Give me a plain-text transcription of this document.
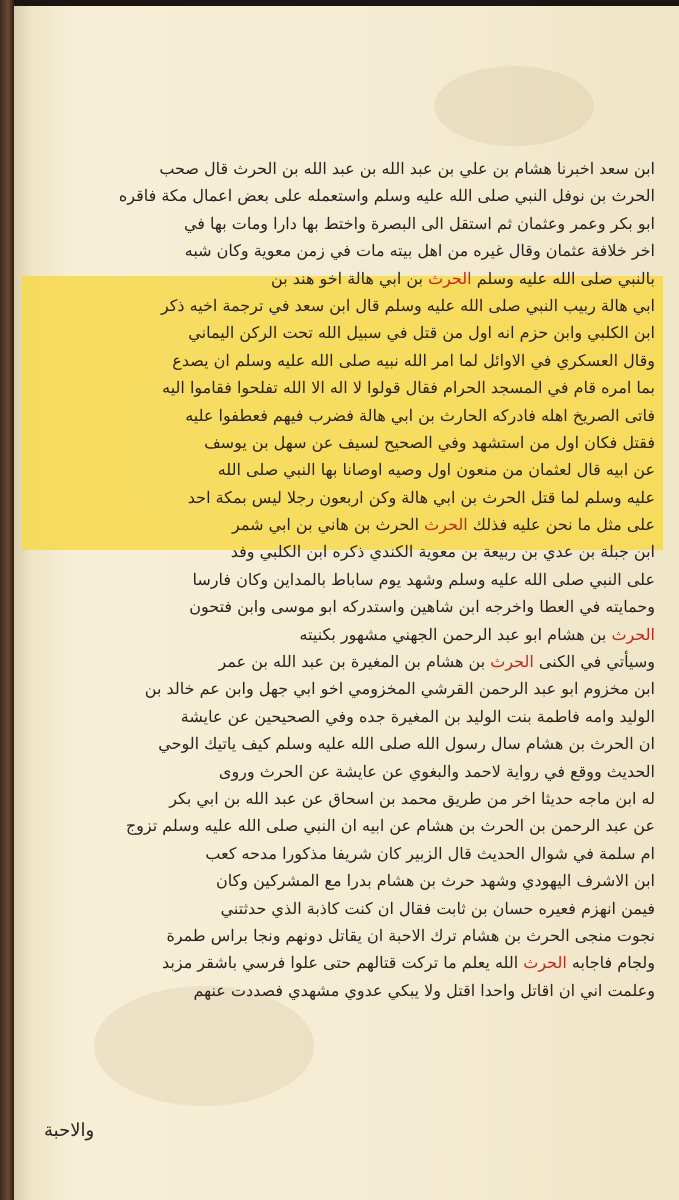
ابن سعد اخبرنا هشام بن علي بن عبد الله بن عبد الله بن الحرث قال صحب
الحرث بن نوفل النبي صلى الله عليه وسلم واستعمله على بعض اعمال مكة فاقره
ابو بكر وعمر وعثمان ثم استقل الى البصرة واختط بها دارا ومات بها في
اخر خلافة عثمان وقال غيره من اهل بيته مات في زمن معوية وكان شبه
بالنبي صلى الله عليه وسلم الحرث بن ابي هالة اخو هند بن
ابي هالة ربيب النبي صلى الله عليه وسلم قال ابن سعد في ترجمة اخيه ذكر
ابن الكلبي وابن حزم انه اول من قتل في سبيل الله تحت الركن اليماني
وقال العسكري في الاوائل لما امر الله نبيه صلى الله عليه وسلم ان يصدع
بما امره قام في المسجد الحرام فقال قولوا لا اله الا الله تفلحوا فقاموا اليه
فاتى الصريخ اهله فادركه الحارث بن ابي هالة فضرب فيهم فعطفوا عليه
فقتل فكان اول من استشهد وفي الصحيح لسيف عن سهل بن يوسف
عن ابيه قال لعثمان من منعون اول وصيه اوصانا بها النبي صلى الله
عليه وسلم لما قتل الحرث بن ابي هالة وكن اربعون رجلا ليس بمكة احد
على مثل ما نحن عليه فذلك الحرث الحرث بن هاني بن ابي شمر
ابن جبلة بن عدي بن ربيعة بن معوية الكندي ذكره ابن الكلبي وفد
على النبي صلى الله عليه وسلم وشهد يوم ساباط بالمداين وكان فارسا
وحمايته في العطا واخرجه ابن شاهين واستدركه ابو موسى وابن فتحون
الحرث بن هشام ابو عبد الرحمن الجهني مشهور بكنيته
وسيأتي في الكنى الحرث بن هشام بن المغيرة بن عبد الله بن عمر
ابن مخزوم ابو عبد الرحمن القرشي المخزومي اخو ابي جهل وابن عم خالد بن
الوليد وامه فاطمة بنت الوليد بن المغيرة جده وفي الصحيحين عن عايشة
ان الحرث بن هشام سال رسول الله صلى الله عليه وسلم كيف ياتيك الوحي
الحديث ووقع في رواية لاحمد والبغوي عن عايشة عن الحرث وروى
له ابن ماجه حديثا اخر من طريق محمد بن اسحاق عن عبد الله بن ابي بكر
عن عبد الرحمن بن الحرث بن هشام عن ابيه ان النبي صلى الله عليه وسلم تزوج
ام سلمة في شوال الحديث قال الزبير كان شريفا مذكورا مدحه كعب
ابن الاشرف اليهودي وشهد حرث بن هشام بدرا مع المشركين وكان
فيمن انهزم فعيره حسان بن ثابت فقال ان كنت كاذبة الذي حدثتني
نجوت منجى الحرث بن هشام ترك الاحبة ان يقاتل دونهم ونجا براس طمرة
ولجام فاجابه الحرث الله يعلم ما تركت قتالهم حتى علوا فرسي باشقر مزبد
وعلمت اني ان اقاتل واحدا اقتل ولا يبكي عدوي مشهدي فصددت عنهم
والاحبة
